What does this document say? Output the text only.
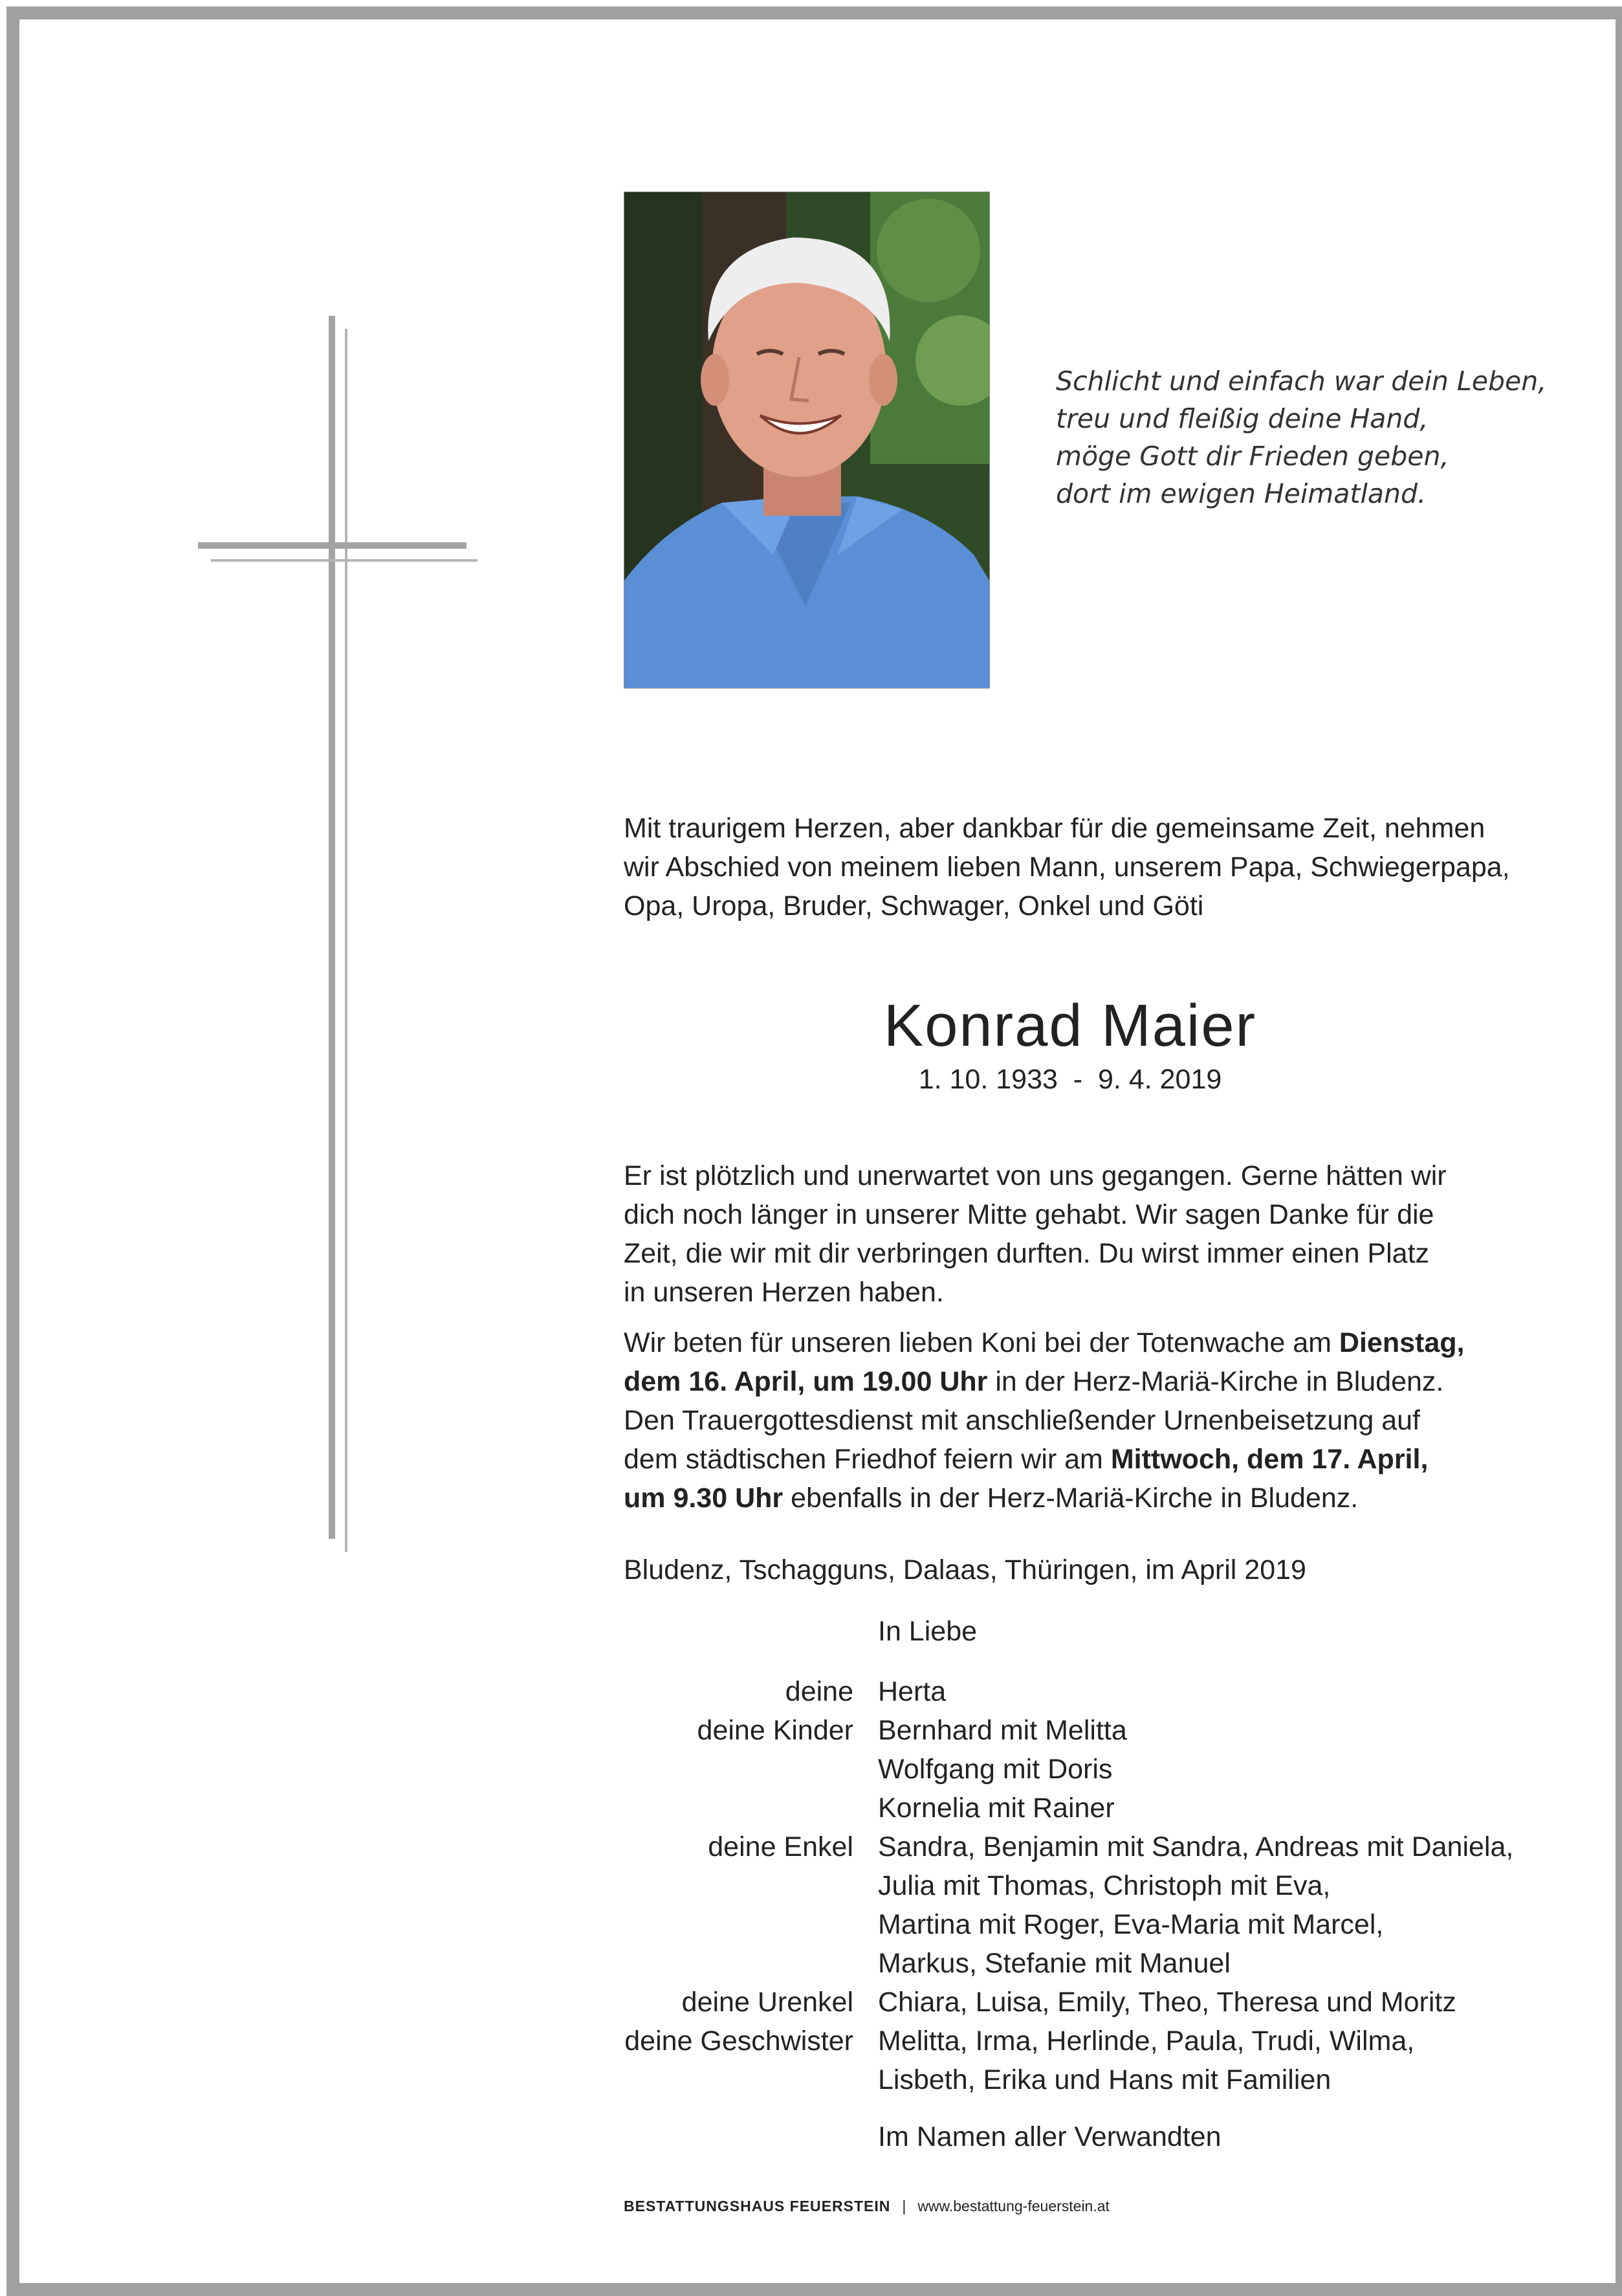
Schlicht und einfach war dein Leben,
treu und fleißig deine Hand,
möge Gott dir Frieden geben,
dort im ewigen Heimatland.
Mit traurigem Herzen, aber dankbar für die gemeinsame Zeit, nehmen
wir Abschied von meinem lieben Mann, unserem Papa, Schwiegerpapa,
Opa, Uropa, Bruder, Schwager, Onkel und Göti
Konrad Maier
1. 10. 1933  -  9. 4. 2019
Er ist plötzlich und unerwartet von uns gegangen. Gerne hätten wir
dich noch länger in unserer Mitte gehabt. Wir sagen Danke für die
Zeit, die wir mit dir verbringen durften. Du wirst immer einen Platz
in unseren Herzen haben.
Wir beten für unseren lieben Koni bei der Totenwache am Dienstag,
dem 16. April, um 19.00 Uhr in der Herz-Mariä-Kirche in Bludenz.
Den Trauergottesdienst mit anschließender Urnenbeisetzung auf
dem städtischen Friedhof feiern wir am Mittwoch, dem 17. April,
um 9.30 Uhr ebenfalls in der Herz-Mariä-Kirche in Bludenz.
Bludenz, Tschagguns, Dalaas, Thüringen, im April 2019
In Liebe
deine Herta
deine Kinder Bernhard mit Melitta
Wolfgang mit Doris
Kornelia mit Rainer
deine Enkel Sandra, Benjamin mit Sandra, Andreas mit Daniela,
Julia mit Thomas, Christoph mit Eva,
Martina mit Roger, Eva-Maria mit Marcel,
Markus, Stefanie mit Manuel
deine Urenkel Chiara, Luisa, Emily, Theo, Theresa und Moritz
deine Geschwister Melitta, Irma, Herlinde, Paula, Trudi, Wilma,
Lisbeth, Erika und Hans mit Familien
Im Namen aller Verwandten
BESTATTUNGSHAUS FEUERSTEIN | www.bestattung-feuerstein.at
